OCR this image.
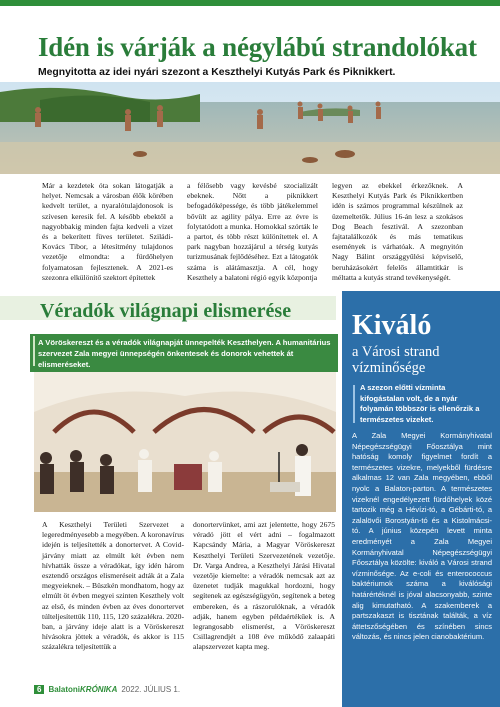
Idén is várják a négylábú strandolókat
Megnyitotta az idei nyári szezont a Keszthelyi Kutyás Park és Piknikkert.
Már a kezdetek óta sokan látogatják a helyet. Nemcsak a városban élők körében kedvelt terület, a nyaralótulajdonosok is szívesen keresik fel. A később ebektől a nagyobbakig minden fajta kedveli a vizet és a bekerített füves területet. Sziládi-Kovács Tibor, a létesítmény tulajdonos vezetője elmondta: a fürdőhelyen folyamatosan fejlesztenek. A 2021-es szezonra elkülönítő szektort építettek
a félősebb vagy kevésbé szocializált ebeknek. Nőtt a piknikkert befogadóképessége, és több játékelemmel bővült az agility pálya. Erre az évre is folytatódott a munka. Homokkal szórták le a partot, és több részt különítettek el. A park nagyban hozzájárul a térség kutyás turizmusának fejlődéséhez. Ezt a látogatók száma is alátámasztja. A cél, hogy Keszthely a balatoni régió egyik központja
legyen az ebekkel érkezőknek. A Keszthelyi Kutyás Park és Piknikkertben idén is számos programmal készülnek az üzemeltetők. Július 16-án lesz a szokásos Dog Beach fesztivál. A szezonban fajtatalálkozók és más tematikus események is várhatóak. A megnyitón Nagy Bálint országgyűlési képviselő, beruházásokért felelős államtitkár is méltatta a kutyás strand tevékenységét.
Véradók világnapi elismerése
A Vöröskereszt és a véradók világnapját ünnepelték Keszthelyen. A humanitárius szervezet Zala megyei ünnepségén önkentesek és donorok vehettek át elismeréseket.
A Keszthelyi Területi Szervezet a legeredményesebb a megyében. A koronavírus idején is teljesítették a donortervet. A Covid-járvány miatt az elmúlt két évben nem hívhatták össze a véradókat, így idén három esztendő országos elismeréseit adták át a Zala megyeieknek. – Büszkén mondhatom, hogy az elmúlt öt évben megyei szinten Keszthely volt az első, és minden évben az éves donortervet túlteljesítettük 110, 115, 120 százalékra. 2020-ban, a járvány ideje alatt is a Vöröskereszt hívásokra jöttek a véradók, és akkor is 115 százalékra teljesítettük a
donortervünket, ami azt jelentette, hogy 2675 véradó jött el vért adni – fogalmazott Kapcsándy Mária, a Magyar Vöröskereszt Keszthelyi Területi Szervezetének vezetője. Dr. Varga Andrea, a Keszthelyi Járási Hivatal vezetője kiemelte: a véradók nemcsak azt az üzenetet tudják magukkal hordozni, hogy segítenek az egészségügyön, segítenek a beteg embereken, és a rászorulóknak, a véradók adják, hanem egyben példaértékűek is. A legrangosabb elismerést, a Vöröskereszt Csillagrendjét a 108 éve működő zalaapáti alapszervezet kapta meg.
Kiváló
a Városi strand vízminősége
A szezon előtti vízminta kifogástalan volt, de a nyár folyamán többször is ellenőrzik a természetes vizeket.
A Zala Megyei Kormányhivatal Népegészségügyi Főosztálya mint hatóság komoly figyelmet fordít a természetes vizekre, melyekből fürdésre alkalmas 12 van Zala megyében, ebből nyolc a Balaton-parton. A természetes vizeknél engedélyezett fürdőhelyek közé tartozik még a Hévízi-tó, a Gébárti-tó, a zalalövői Borostyán-tó és a Kistolmácsi-tó. A június közepén levett minta eredményét a Zala Megyei Kormányhivatal Népegészségügyi Főosztálya közölte: kiváló a Városi strand vízminősége. Az e-coli és enterococcus baktériumok száma a kiválósági határértéknél is jóval alacsonyabb, szinte alig kimutatható. A szakemberek a partszakaszt is tisztának találták, a víz áttetszőségében és színében sincs változás, és nincs jelen cianobaktérium.
6 BalatoniKRÓNIKA 2022. JÚLIUS 1.
